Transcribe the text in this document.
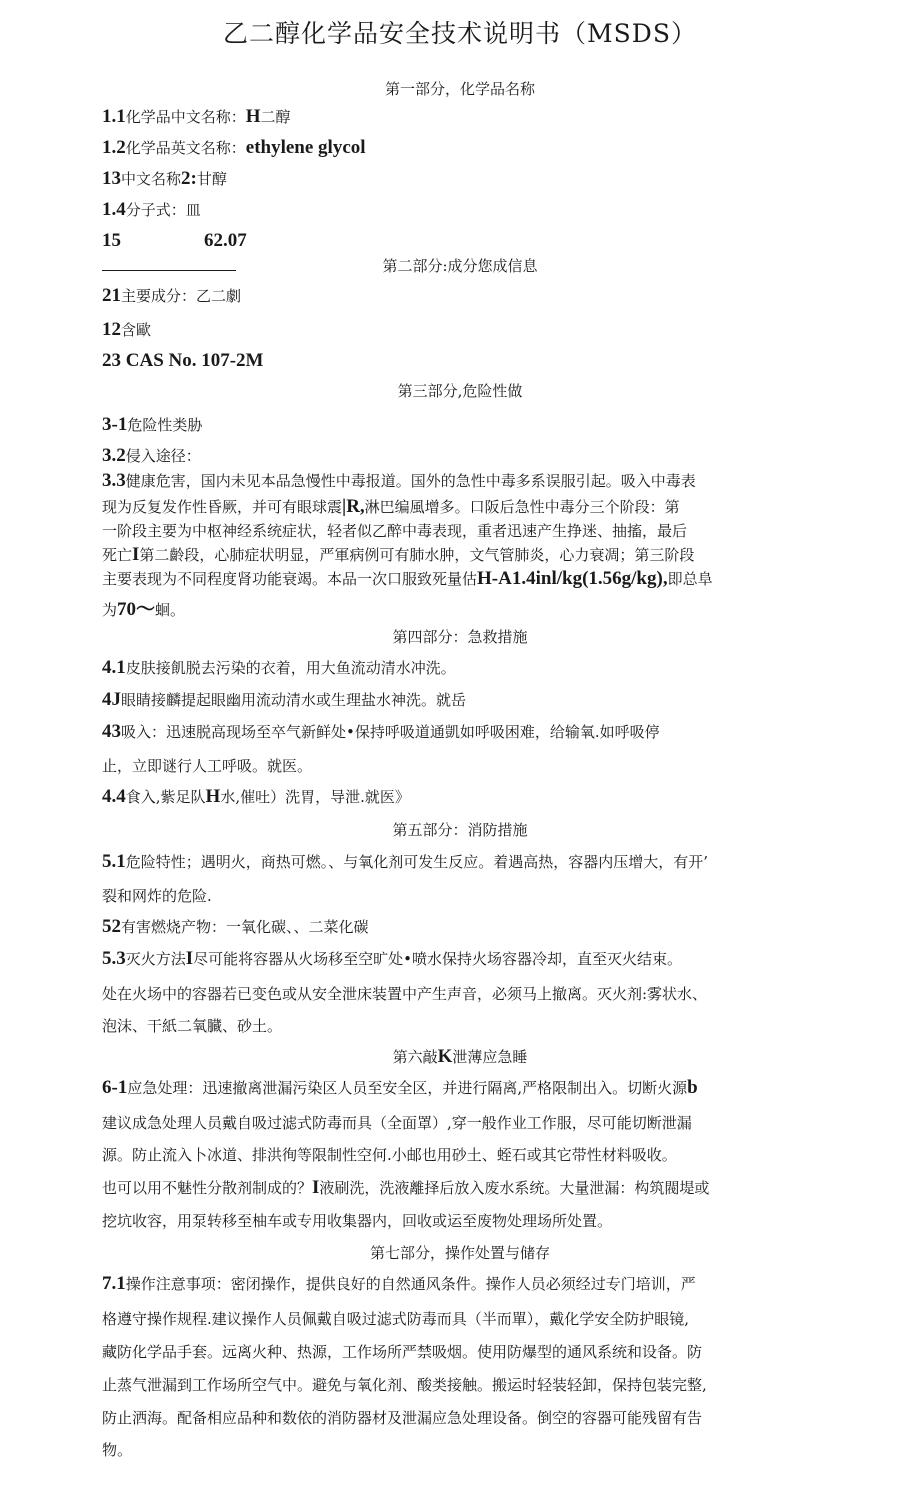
乙二醇化学品安全技术说明书（MSDS）
第一部分，化学品名称
1.1化学品中文名称：H二醇
1.2化学品英文名称：ethylene glycol
13中文名称2:甘醇
1.4分子式：皿
15	62.07
第二部分:成分您成信息
21主要成分：乙二劇
12含歐
23 CAS No. 107-2M
第三部分,危险性做
3-1危险性类胁
3.2侵入途径：
3.3健康危害，国内未见本品急慢性中毒报道。国外的急性中毒多系误服引起。吸入中毒表
现为反复发作性昏厥，并可有眼球震|R,淋巴编風增多。口阪后急性中毒分三个阶段：第
一阶段主要为中枢神经系统症状，轻者似乙醉中毒表现，重者迅速产生挣迷、抽搐，最后
死亡I第二齡段，心肺症状明显，严軍病例可有肺水肿，文气管肺炎，心力衰凋；第三阶段
主要表现为不同程度肾功能衰竭。本品一次口服致死量估H-A1.4inl/kg(1.56g/kg),即总阜
为70～蛔。
第四部分：急救措施
4.1皮肤接飢脱去污染的衣着，用大鱼流动清水冲洗。
4J眼睛接麟提起眼幽用流动清水或生理盐水神洗。就岳
43吸入：迅速脱高现场至卒气新鲜处•保持呼吸道通凱如呼吸困难，给输氧.如呼吸停
止，立即谜行人工呼吸。就医。
4.4食入,紫足队H水,催吐）洗胃，导泄.就医》
第五部分：消防措施
5.1危险特性；遇明火，商热可燃。、与氧化剂可发生反应。着遇高热，容器内压增大，有开’
裂和网炸的危险.
52有害燃烧产物：一氧化碳、、二菜化碳
5.3灭火方法I尽可能将容器从火场移至空旷处•喷水保持火场容器冷却，直至灭火结束。
处在火场中的容器若已变色或从安全泄床装置中产生声音，必须马上撤离。灭火剂:雾状水、
泡沫、干紙二氧臓、砂土。
第六敲K泄薄应急睡
6-1应急处理：迅速撤离泄漏污染区人员至安全区，并进行隔离,严格限制出入。切断火源b
建议成急处理人员戴自吸过滤式防毒而具（全面罩）,穿一般作业工作服，尽可能切断泄漏
源。防止流入卜冰道、排洪徇等限制性空何.小邮也用砂土、蛭石或其它带性材料吸收。
也可以用不魅性分散剂制成的？I液刷洗，洗液離择后放入废水系统。大量泄漏：构筑閥堤或
挖坑收容，用泵转移至柚车或专用收集器内，回收或运至废物处理场所处置。
第七部分，操作处置与储存
7.1操作注意事项：密闭操作，提供良好的自然通风条件。操作人员必须经过专门培训，严
格遵守操作规程.建议操作人员佩戴自吸过滤式防毒而具（半而單），戴化学安全防护眼镜,
藏防化学品手套。远离火种、热源，工作场所严禁吸烟。使用防爆型的通风系统和设备。防
止蒸气泄漏到工作场所空气中。避免与氧化剂、酸类接触。搬运时轻装轻卸，保持包装完整,
防止洒海。配备相应品种和数依的消防器材及泄漏应急处理设备。倒空的容器可能残留有告
物。
